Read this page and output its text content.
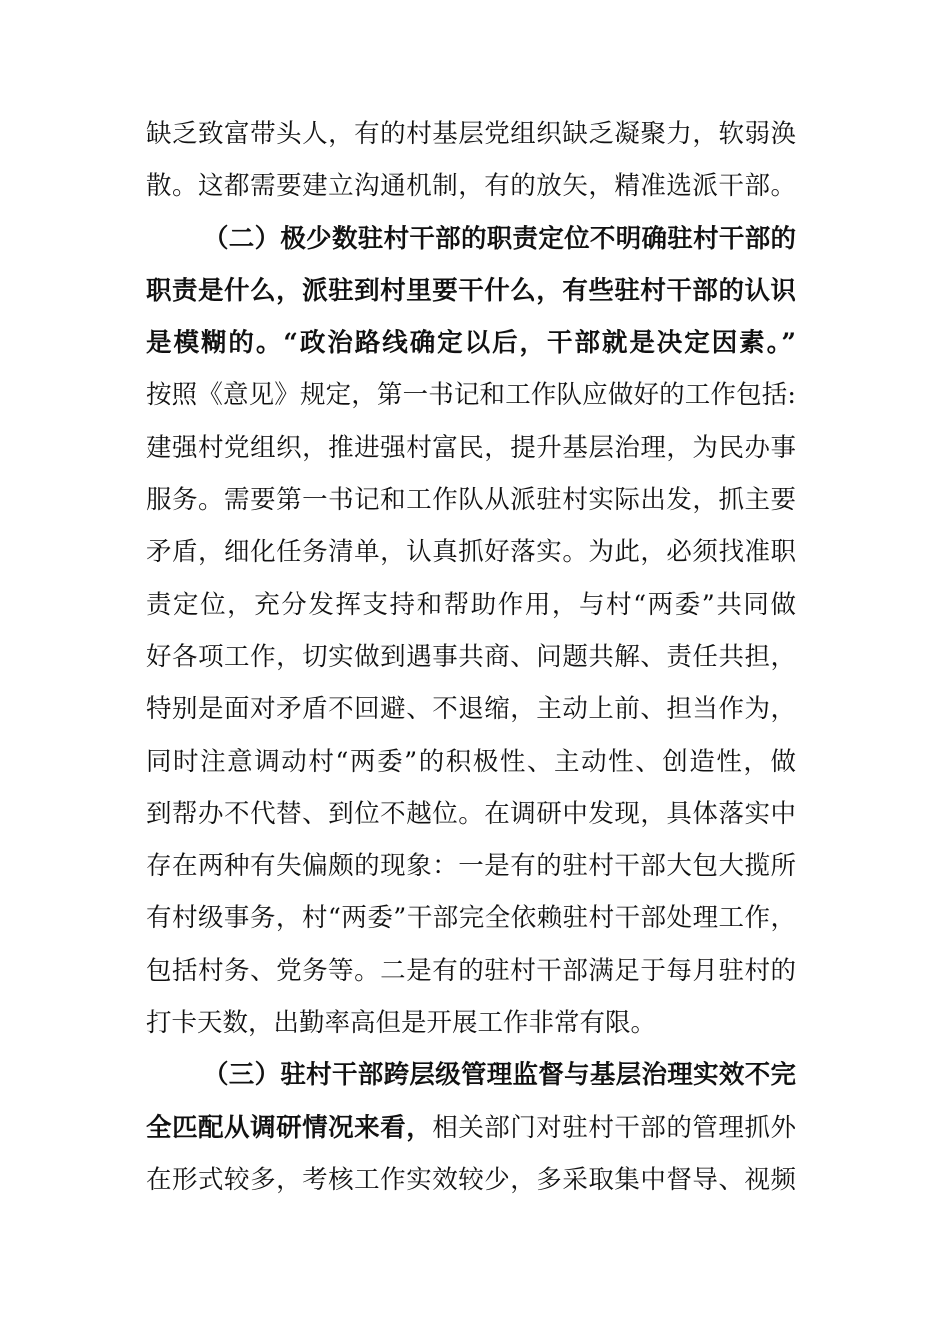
缺乏致富带头人，有的村基层党组织缺乏凝聚力，软弱涣
散。这都需要建立沟通机制，有的放矢，精准选派干部。
（二）极少数驻村干部的职责定位不明确驻村干部的
职责是什么，派驻到村里要干什么，有些驻村干部的认识
是模糊的。“政治路线确定以后，干部就是决定因素。”
按照《意见》规定，第一书记和工作队应做好的工作包括:
建强村党组织，推进强村富民，提升基层治理，为民办事
服务。需要第一书记和工作队从派驻村实际出发，抓主要
矛盾，细化任务清单，认真抓好落实。为此，必须找准职
责定位，充分发挥支持和帮助作用，与村“两委”共同做
好各项工作，切实做到遇事共商、问题共解、责任共担，
特别是面对矛盾不回避、不退缩，主动上前、担当作为，
同时注意调动村“两委”的积极性、主动性、创造性，做
到帮办不代替、到位不越位。在调研中发现，具体落实中
存在两种有失偏颇的现象：一是有的驻村干部大包大揽所
有村级事务，村“两委”干部完全依赖驻村干部处理工作，
包括村务、党务等。二是有的驻村干部满足于每月驻村的
打卡天数，出勤率高但是开展工作非常有限。
（三）驻村干部跨层级管理监督与基层治理实效不完
全匹配从调研情况来看，相关部门对驻村干部的管理抓外
在形式较多，考核工作实效较少，多采取集中督导、视频
